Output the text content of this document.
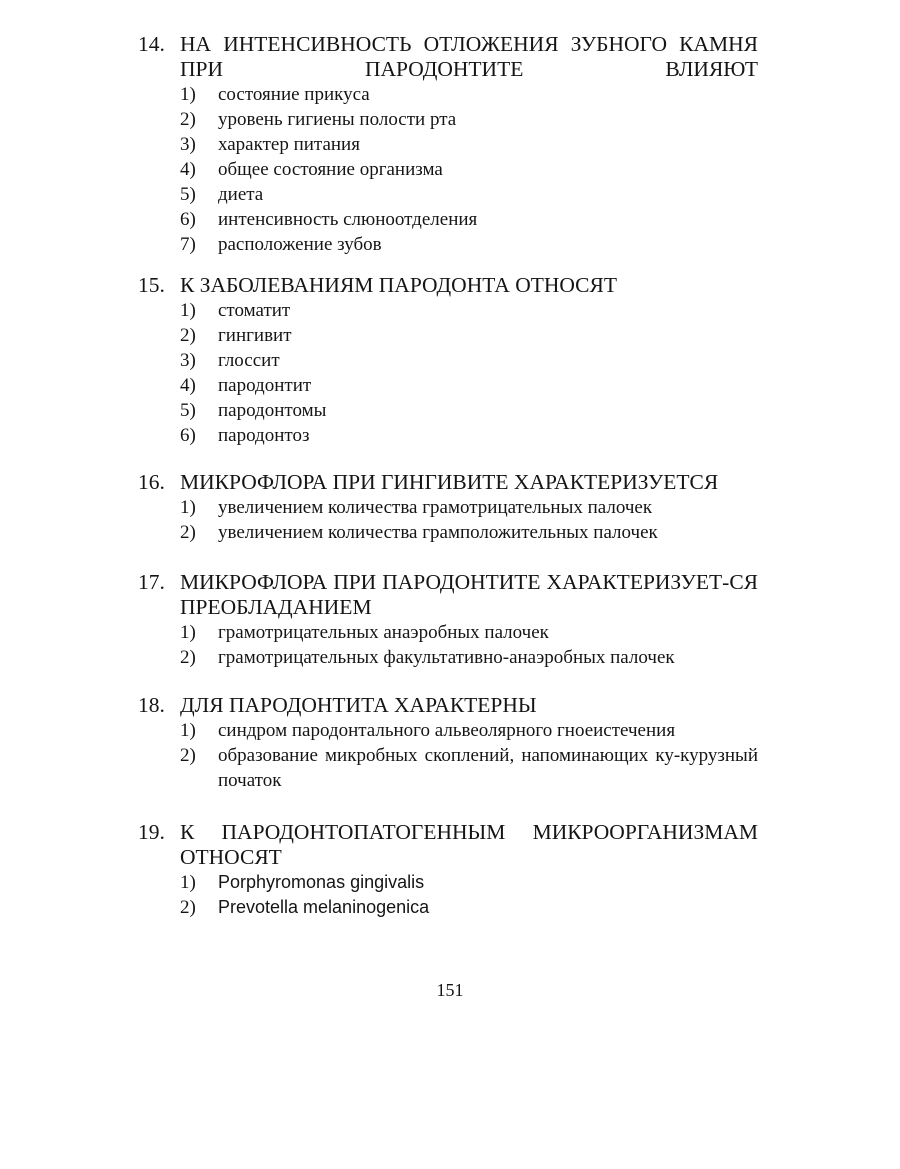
14. НА ИНТЕНСИВНОСТЬ ОТЛОЖЕНИЯ ЗУБНОГО КАМНЯ ПРИ ПАРОДОНТИТЕ ВЛИЯЮТ
1) состояние прикуса
2) уровень гигиены полости рта
3) характер питания
4) общее состояние организма
5) диета
6) интенсивность слюноотделения
7) расположение зубов
15. К ЗАБОЛЕВАНИЯМ ПАРОДОНТА ОТНОСЯТ
1) стоматит
2) гингивит
3) глоссит
4) пародонтит
5) пародонтомы
6) пародонтоз
16. МИКРОФЛОРА ПРИ ГИНГИВИТЕ ХАРАКТЕРИЗУЕТСЯ
1) увеличением количества грамотрицательных палочек
2) увеличением количества грамположительных палочек
17. МИКРОФЛОРА ПРИ ПАРОДОНТИТЕ ХАРАКТЕРИЗУЕТ-СЯ ПРЕОБЛАДАНИЕМ
1) грамотрицательных анаэробных палочек
2) грамотрицательных факультативно-анаэробных палочек
18. ДЛЯ ПАРОДОНТИТА ХАРАКТЕРНЫ
1) синдром пародонтального альвеолярного гноеистечения
2) образование микробных скоплений, напоминающих ку-курузный початок
19. К ПАРОДОНТОПАТОГЕННЫМ МИКРООРГАНИЗМАМ ОТНОСЯТ
1) Porphyromonas gingivalis
2) Prevotella melaninogenica
151
